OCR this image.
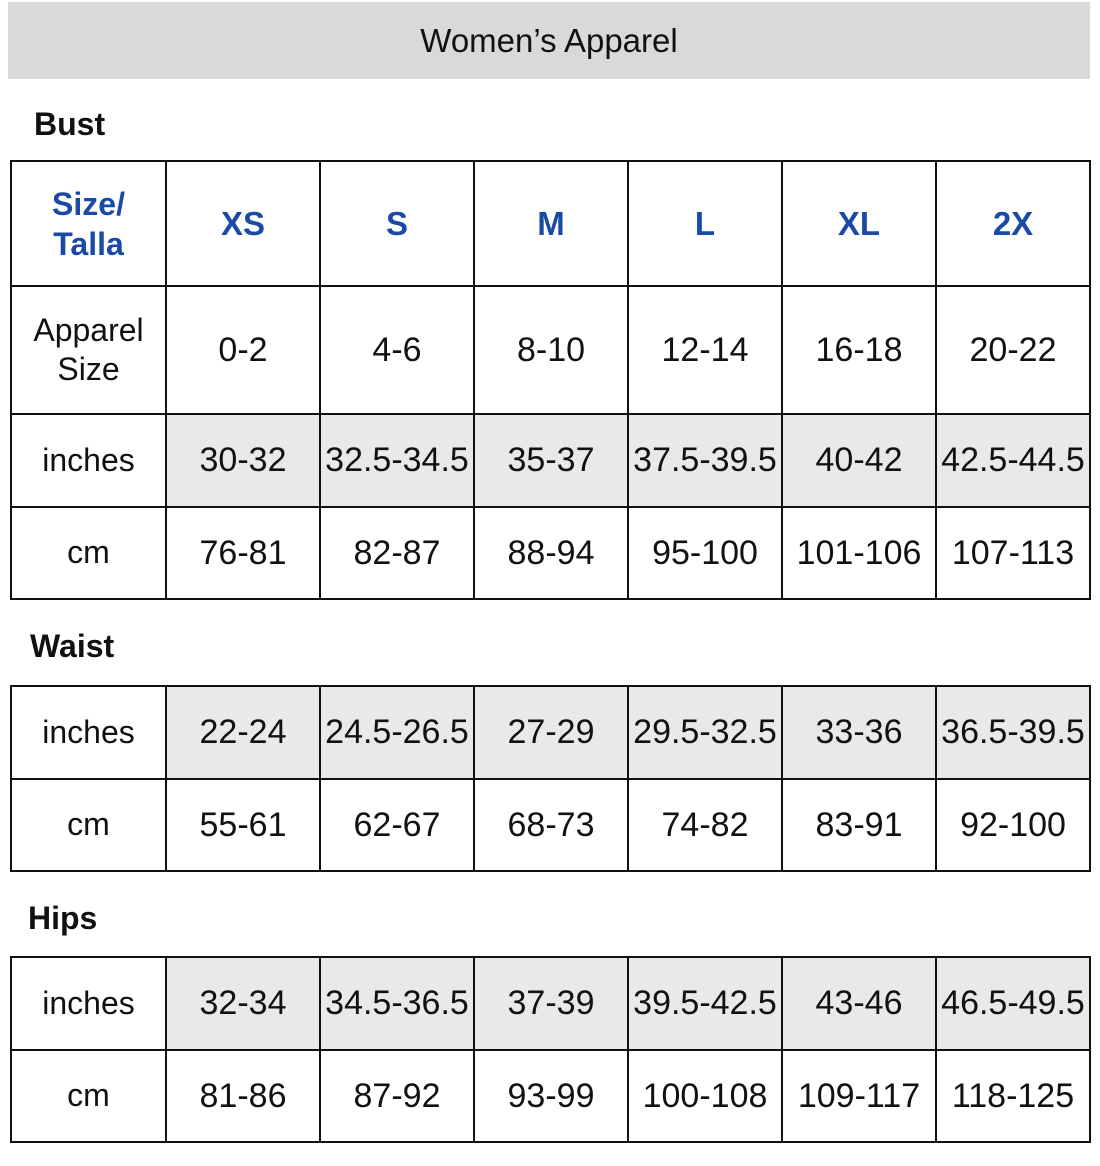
Women’s Apparel
Bust
Size/
Talla	XS	S	M	L	XL	2X
Apparel
Size	0-2	4-6	8-10	12-14	16-18	20-22
inches	30-32	32.5-34.5	35-37	37.5-39.5	40-42	42.5-44.5
cm	76-81	82-87	88-94	95-100	101-106	107-113
Waist
inches	22-24	24.5-26.5	27-29	29.5-32.5	33-36	36.5-39.5
cm	55-61	62-67	68-73	74-82	83-91	92-100
Hips
inches	32-34	34.5-36.5	37-39	39.5-42.5	43-46	46.5-49.5
cm	81-86	87-92	93-99	100-108	109-117	118-125
